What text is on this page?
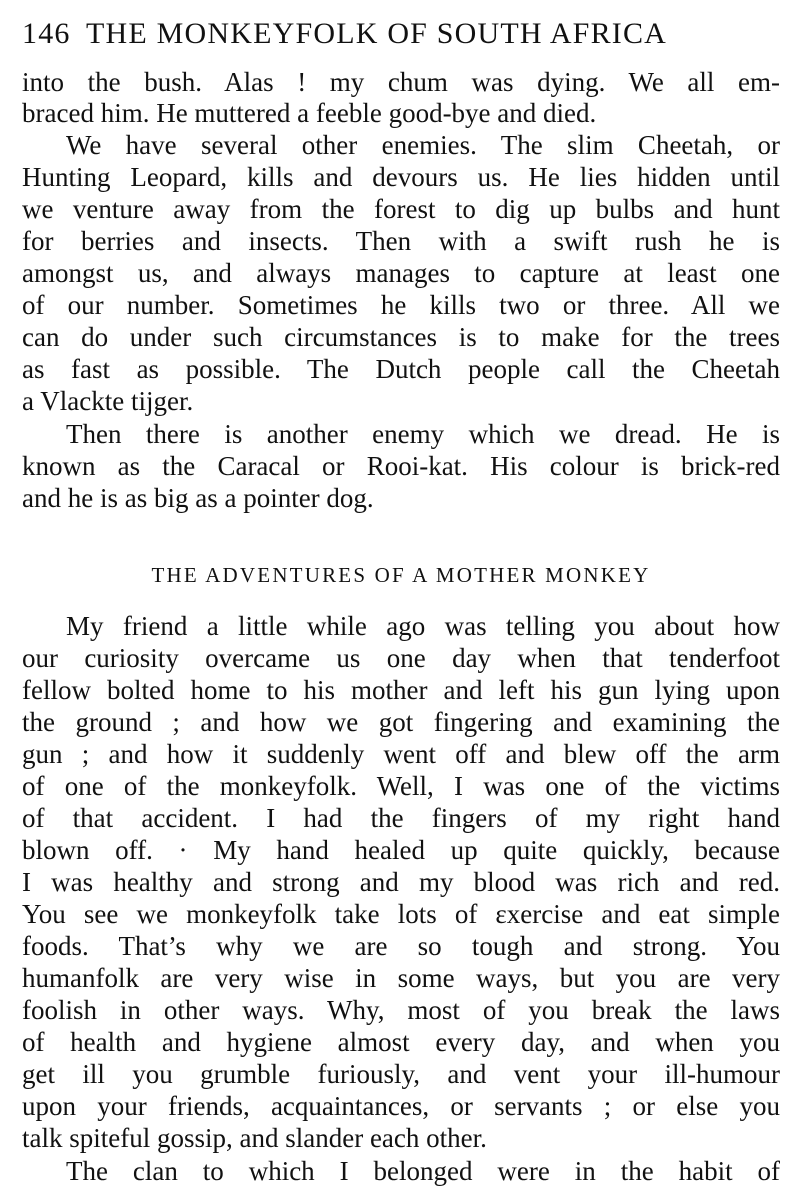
146 THE MONKEYFOLK OF SOUTH AFRICA
into the bush. Alas ! my chum was dying. We all em-
braced him. He muttered a feeble good-bye and died.
We have several other enemies. The slim Cheetah, or
Hunting Leopard, kills and devours us. He lies hidden until
we venture away from the forest to dig up bulbs and hunt
for berries and insects. Then with a swift rush he is
amongst us, and always manages to capture at least one
of our number. Sometimes he kills two or three. All we
can do under such circumstances is to make for the trees
as fast as possible. The Dutch people call the Cheetah
a Vlackte tijger.
Then there is another enemy which we dread. He is
known as the Caracal or Rooi-kat. His colour is brick-red
and he is as big as a pointer dog.
THE ADVENTURES OF A MOTHER MONKEY
My friend a little while ago was telling you about how
our curiosity overcame us one day when that tenderfoot
fellow bolted home to his mother and left his gun lying upon
the ground ; and how we got fingering and examining the
gun ; and how it suddenly went off and blew off the arm
of one of the monkeyfolk. Well, I was one of the victims
of that accident. I had the fingers of my right hand
blown off. · My hand healed up quite quickly, because
I was healthy and strong and my blood was rich and red.
You see we monkeyfolk take lots of ɛxercise and eat simple
foods. That’s why we are so tough and strong. You
humanfolk are very wise in some ways, but you are very
foolish in other ways. Why, most of you break the laws
of health and hygiene almost every day, and when you
get ill you grumble furiously, and vent your ill-humour
upon your friends, acquaintances, or servants ; or else you
talk spiteful gossip, and slander each other.
The clan to which I belonged were in the habit of
